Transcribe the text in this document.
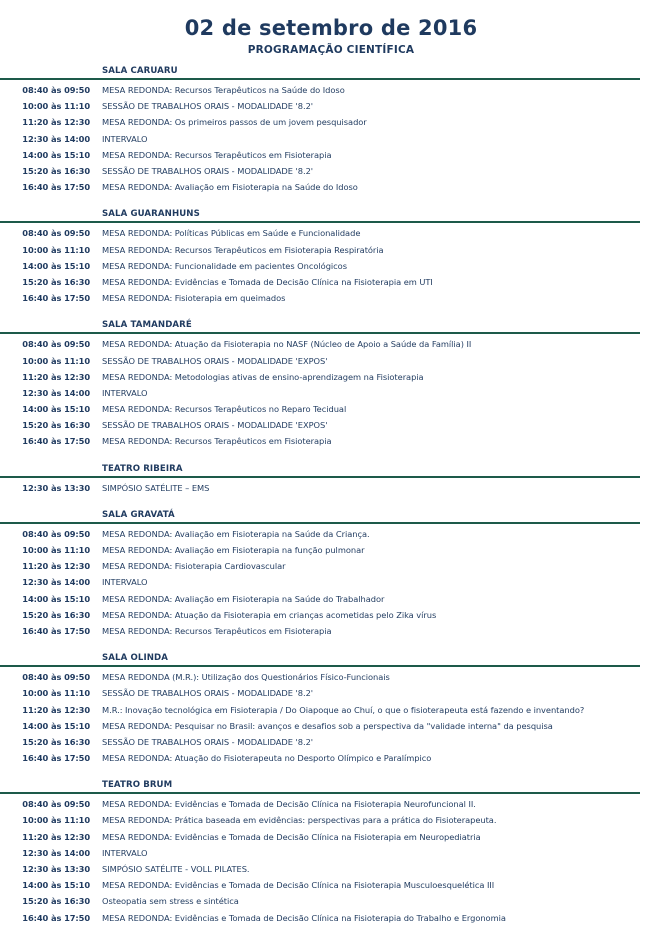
02 de setembro de 2016
PROGRAMAÇÃO CIENTÍFICA
SALA CARUARU
08:40 às 09:50 MESA REDONDA: Recursos Terapêuticos na Saúde do Idoso
10:00 às 11:10 SESSÃO DE TRABALHOS ORAIS - MODALIDADE '8.2'
11:20 às 12:30 MESA REDONDA: Os primeiros passos de um jovem pesquisador
12:30 às 14:00 INTERVALO
14:00 às 15:10 MESA REDONDA: Recursos Terapêuticos em Fisioterapia
15:20 às 16:30 SESSÃO DE TRABALHOS ORAIS - MODALIDADE '8.2'
16:40 às 17:50 MESA REDONDA: Avaliação em Fisioterapia na Saúde do Idoso
SALA GUARANHUNS
08:40 às 09:50 MESA REDONDA: Políticas Públicas em Saúde e Funcionalidade
10:00 às 11:10 MESA REDONDA: Recursos Terapêuticos em Fisioterapia Respiratória
14:00 às 15:10 MESA REDONDA: Funcionalidade em pacientes Oncológicos
15:20 às 16:30 MESA REDONDA: Evidências e Tomada de Decisão Clínica na Fisioterapia em UTI
16:40 às 17:50 MESA REDONDA: Fisioterapia em queimados
SALA TAMANDARÉ
08:40 às 09:50 MESA REDONDA: Atuação da Fisioterapia no NASF (Núcleo de Apoio a Saúde da Família) II
10:00 às 11:10 SESSÃO DE TRABALHOS ORAIS - MODALIDADE 'EXPOS'
11:20 às 12:30 MESA REDONDA: Metodologias ativas de ensino-aprendizagem na Fisioterapia
12:30 às 14:00 INTERVALO
14:00 às 15:10 MESA REDONDA: Recursos Terapêuticos no Reparo Tecidual
15:20 às 16:30 SESSÃO DE TRABALHOS ORAIS - MODALIDADE 'EXPOS'
16:40 às 17:50 MESA REDONDA: Recursos Terapêuticos em Fisioterapia
TEATRO RIBEIRA
12:30 às 13:30 SIMPÓSIO SATÉLITE – EMS
SALA GRAVATÁ
08:40 às 09:50 MESA REDONDA: Avaliação em Fisioterapia na Saúde da Criança.
10:00 às 11:10 MESA REDONDA: Avaliação em Fisioterapia na função pulmonar
11:20 às 12:30 MESA REDONDA: Fisioterapia Cardiovascular
12:30 às 14:00 INTERVALO
14:00 às 15:10 MESA REDONDA: Avaliação em Fisioterapia na Saúde do Trabalhador
15:20 às 16:30 MESA REDONDA: Atuação da Fisioterapia em crianças acometidas pelo Zika vírus
16:40 às 17:50 MESA REDONDA: Recursos Terapêuticos em Fisioterapia
SALA OLINDA
08:40 às 09:50 MESA REDONDA (M.R.): Utilização dos Questionários Físico-Funcionais
10:00 às 11:10 SESSÃO DE TRABALHOS ORAIS - MODALIDADE '8.2'
11:20 às 12:30 M.R.: Inovação tecnológica em Fisioterapia / Do Oiapoque ao Chuí, o que o fisioterapeuta está fazendo e inventando?
14:00 às 15:10 MESA REDONDA: Pesquisar no Brasil: avanços e desafios sob a perspectiva da "validade interna" da pesquisa
15:20 às 16:30 SESSÃO DE TRABALHOS ORAIS - MODALIDADE '8.2'
16:40 às 17:50 MESA REDONDA: Atuação do Fisioterapeuta no Desporto Olímpico e Paralímpico
TEATRO BRUM
08:40 às 09:50 MESA REDONDA: Evidências e Tomada de Decisão Clínica na Fisioterapia Neurofuncional II.
10:00 às 11:10 MESA REDONDA: Prática baseada em evidências: perspectivas para a prática do Fisioterapeuta.
11:20 às 12:30 MESA REDONDA: Evidências e Tomada de Decisão Clínica na Fisioterapia em Neuropediatria
12:30 às 14:00 INTERVALO
12:30 às 13:30 SIMPÓSIO SATÉLITE - VOLL PILATES.
14:00 às 15:10 MESA REDONDA: Evidências e Tomada de Decisão Clínica na Fisioterapia Musculoesquelética III
15:20 às 16:30 Osteopatia sem stress e sintética
16:40 às 17:50 MESA REDONDA: Evidências e Tomada de Decisão Clínica na Fisioterapia do Trabalho e Ergonomia
